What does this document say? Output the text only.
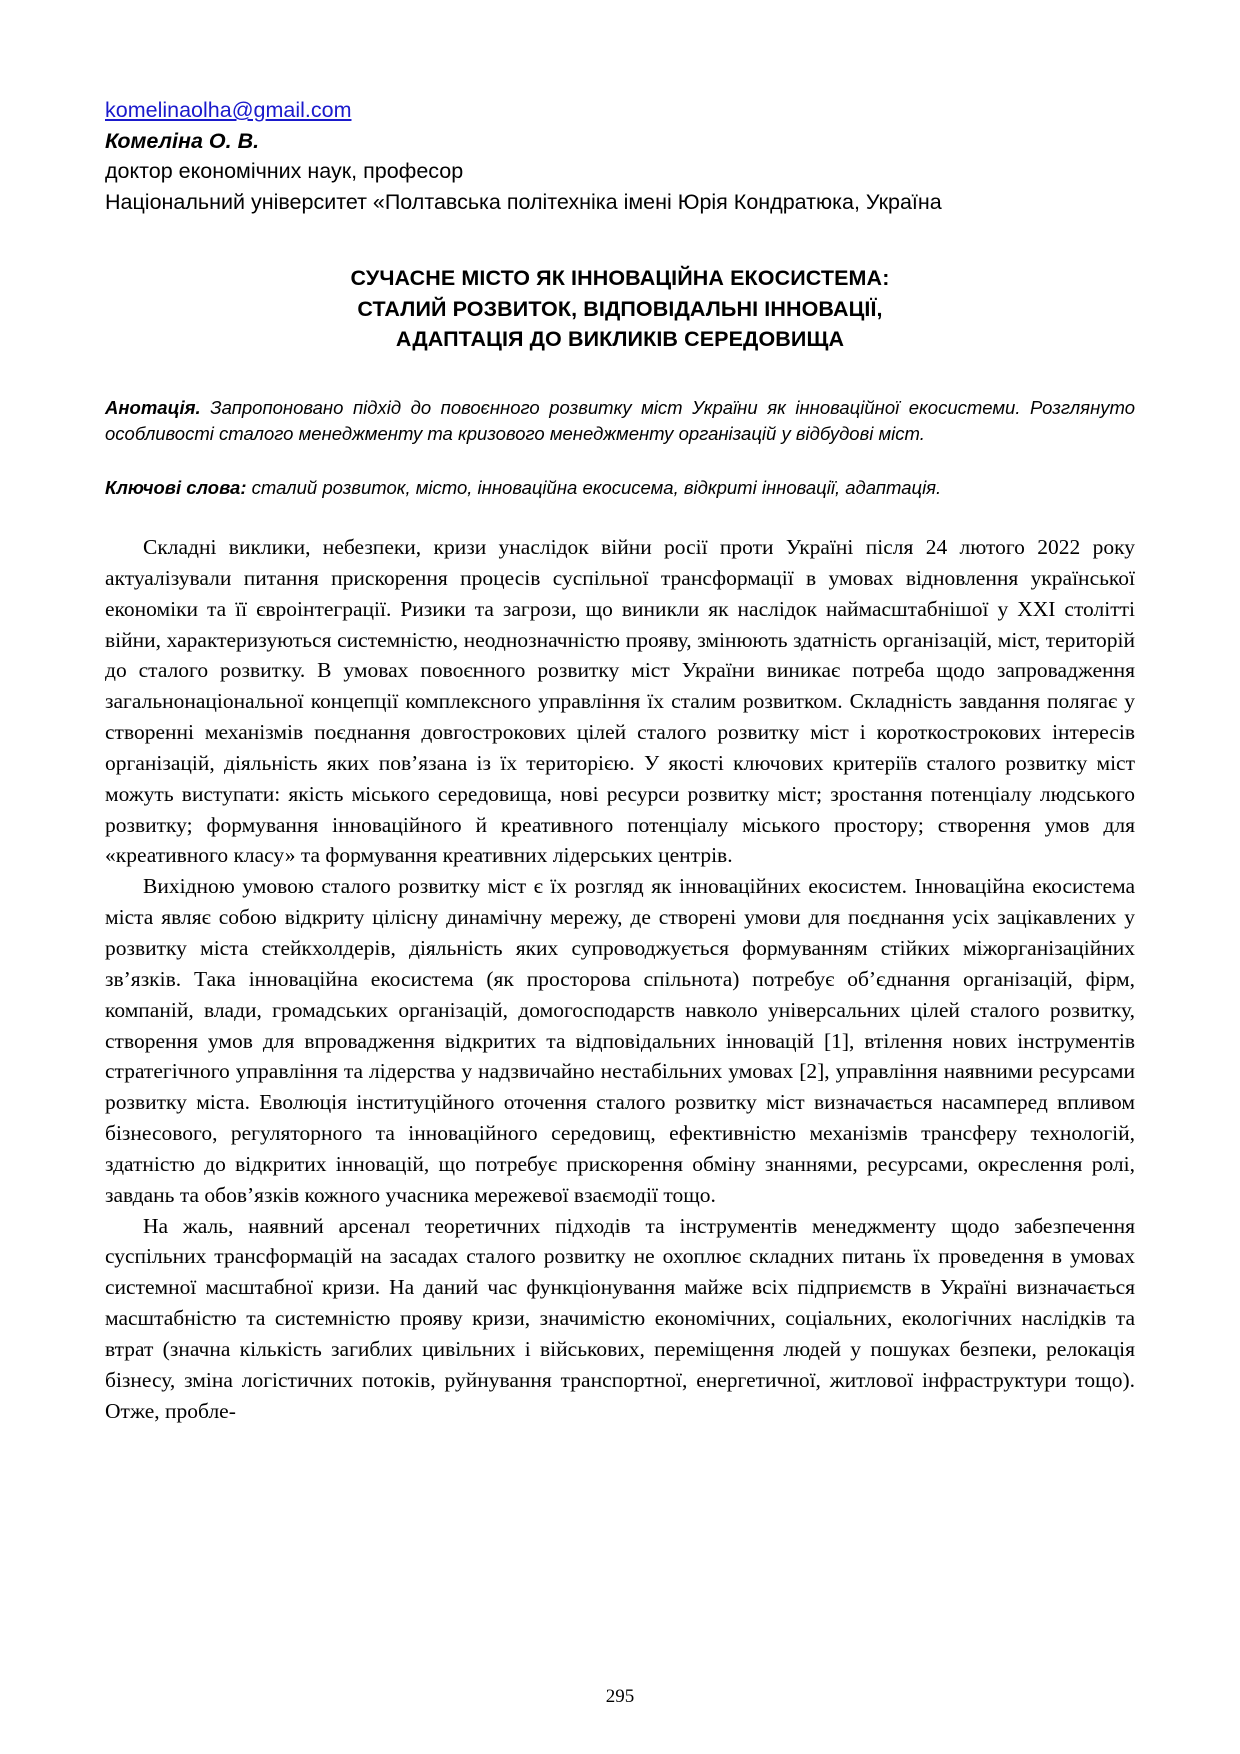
komelinaolha@gmail.com
Комеліна О. В.
доктор економічних наук, професор
Національний університет «Полтавська політехніка імені Юрія Кондратюка, Україна
СУЧАСНЕ МІСТО ЯК ІННОВАЦІЙНА ЕКОСИСТЕМА:
СТАЛИЙ РОЗВИТОК, ВІДПОВІДАЛЬНІ ІННОВАЦІЇ,
АДАПТАЦІЯ ДО ВИКЛИКІВ СЕРЕДОВИЩА
Анотація. Запропоновано підхід до повоєнного розвитку міст України як інноваційної екосистеми. Розглянуто особливості сталого менеджменту та кризового менеджменту організацій у відбудові міст.
Ключові слова: сталий розвиток, місто, інноваційна екосисема, відкриті інновації, адаптація.

Складні виклики, небезпеки, кризи унаслідок війни росії проти Україні після 24 лютого 2022 року актуалізували питання прискорення процесів суспільної трансформації в умовах відновлення української економіки та її євроінтеграції. Ризики та загрози, що виникли як наслідок наймасштабнішої у XXI столітті війни, характеризуються системністю, неоднозначністю прояву, змінюють здатність організацій, міст, територій до сталого розвитку. В умовах повоєнного розвитку міст України виникає потреба щодо запровадження загальнонаціональної концепції комплексного управління їх сталим розвитком. Складність завдання полягає у створенні механізмів поєднання довгострокових цілей сталого розвитку міст і короткострокових інтересів організацій, діяльність яких пов’язана із їх територією. У якості ключових критеріїв сталого розвитку міст можуть виступати: якість міського середовища, нові ресурси розвитку міст; зростання потенціалу людського розвитку; формування інноваційного й креативного потенціалу міського простору; створення умов для «креативного класу» та формування креативних лідерських центрів.

Вихідною умовою сталого розвитку міст є їх розгляд як інноваційних екосистем. Інноваційна екосистема міста являє собою відкриту цілісну динамічну мережу, де створені умови для поєднання усіх зацікавлених у розвитку міста стейкхолдерів, діяльність яких супроводжується формуванням стійких міжорганізаційних зв’язків. Така інноваційна екосистема (як просторова спільнота) потребує об’єднання організацій, фірм, компаній, влади, громадських організацій, домогосподарств навколо універсальних цілей сталого розвитку, створення умов для впровадження відкритих та відповідальних інновацій [1], втілення нових інструментів стратегічного управління та лідерства у надзвичайно нестабільних умовах [2], управління наявними ресурсами розвитку міста. Еволюція інституційного оточення сталого розвитку міст визначається насамперед впливом бізнесового, регуляторного та інноваційного середовищ, ефективністю механізмів трансферу технологій, здатністю до відкритих інновацій, що потребує прискорення обміну знаннями, ресурсами, окреслення ролі, завдань та обов’язків кожного учасника мережевої взаємодії тощо.

На жаль, наявний арсенал теоретичних підходів та інструментів менеджменту щодо забезпечення суспільних трансформацій на засадах сталого розвитку не охоплює складних питань їх проведення в умовах системної масштабної кризи. На даний час функціонування майже всіх підприємств в Україні визначається масштабністю та системністю прояву кризи, значимістю економічних, соціальних, екологічних наслідків та втрат (значна кількість загиблих цивільних і військових, переміщення людей у пошуках безпеки, релокація бізнесу, зміна логістичних потоків, руйнування транспортної, енергетичної, житлової інфраструктури тощо). Отже, пробле-

295
